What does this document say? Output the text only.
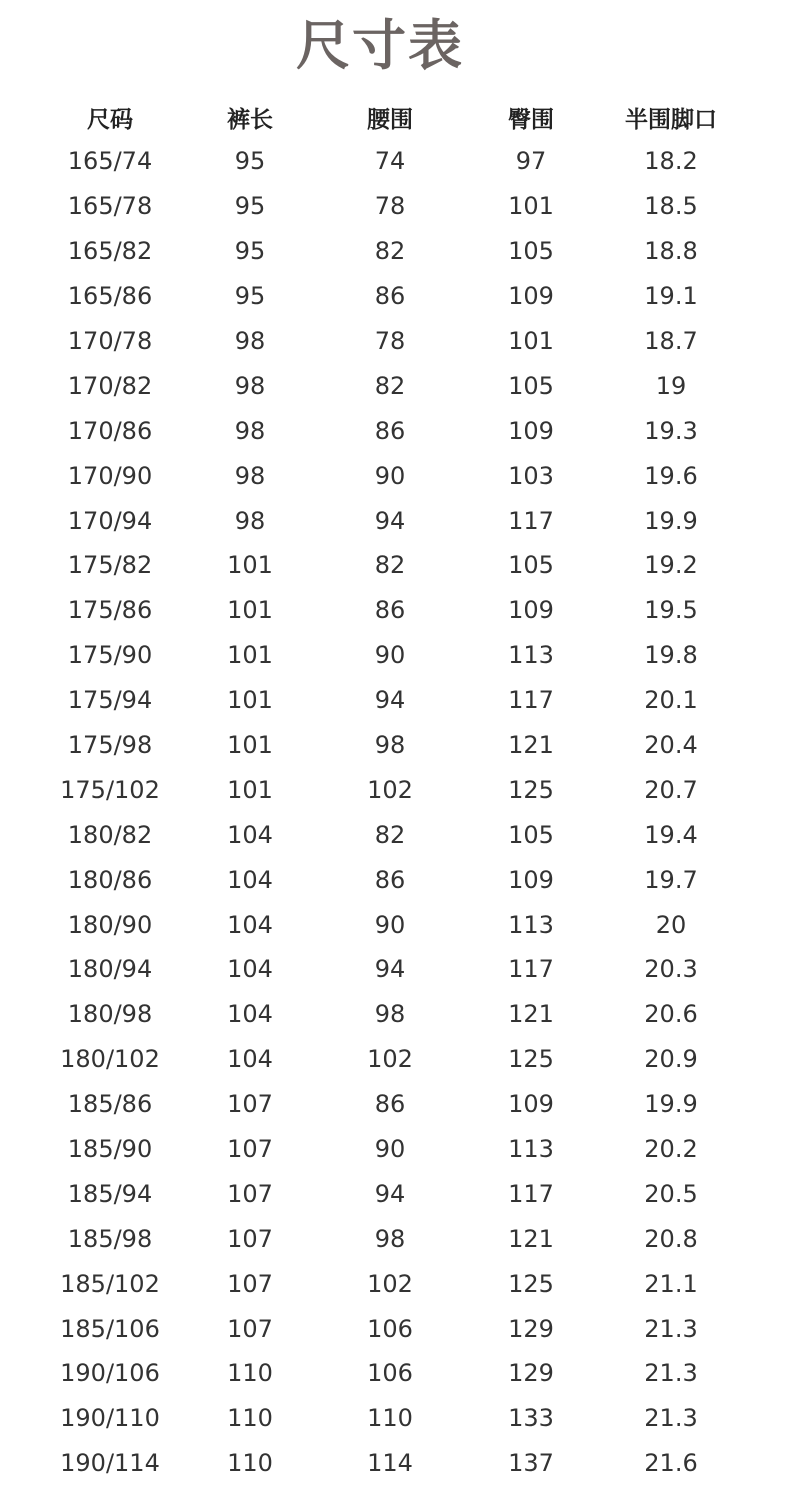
尺寸表
尺码	裤长	腰围	臀围	半围脚口
165/74	95	74	97	18.2
165/78	95	78	101	18.5
165/82	95	82	105	18.8
165/86	95	86	109	19.1
170/78	98	78	101	18.7
170/82	98	82	105	19
170/86	98	86	109	19.3
170/90	98	90	103	19.6
170/94	98	94	117	19.9
175/82	101	82	105	19.2
175/86	101	86	109	19.5
175/90	101	90	113	19.8
175/94	101	94	117	20.1
175/98	101	98	121	20.4
175/102	101	102	125	20.7
180/82	104	82	105	19.4
180/86	104	86	109	19.7
180/90	104	90	113	20
180/94	104	94	117	20.3
180/98	104	98	121	20.6
180/102	104	102	125	20.9
185/86	107	86	109	19.9
185/90	107	90	113	20.2
185/94	107	94	117	20.5
185/98	107	98	121	20.8
185/102	107	102	125	21.1
185/106	107	106	129	21.3
190/106	110	106	129	21.3
190/110	110	110	133	21.3
190/114	110	114	137	21.6
